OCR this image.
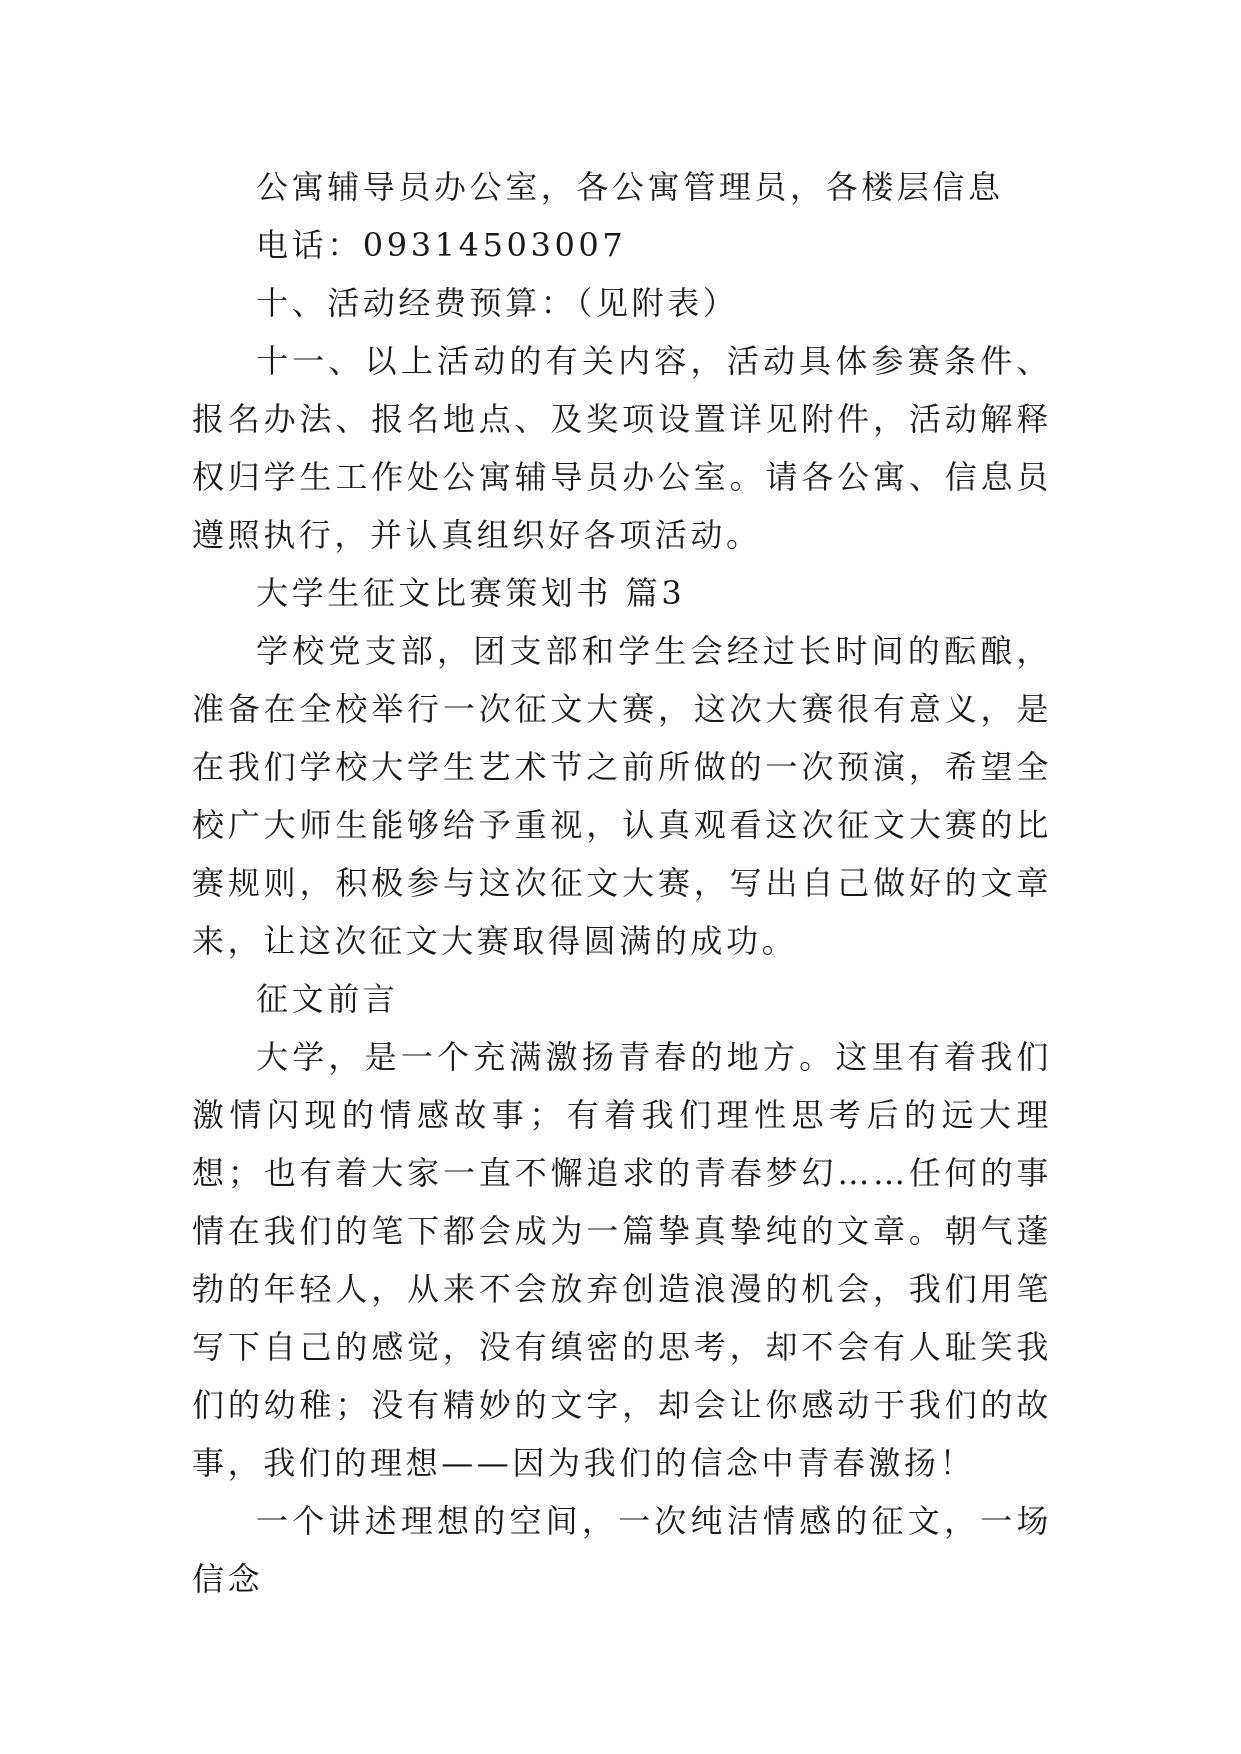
公寓辅导员办公室，各公寓管理员，各楼层信息

电话：09314503007

十、活动经费预算：（见附表）

十一、以上活动的有关内容，活动具体参赛条件、报名办法、报名地点、及奖项设置详见附件，活动解释权归学生工作处公寓辅导员办公室。请各公寓、信息员遵照执行，并认真组织好各项活动。

大学生征文比赛策划书 篇3

学校党支部，团支部和学生会经过长时间的酝酿，准备在全校举行一次征文大赛，这次大赛很有意义，是在我们学校大学生艺术节之前所做的一次预演，希望全校广大师生能够给予重视，认真观看这次征文大赛的比赛规则，积极参与这次征文大赛，写出自己做好的文章来，让这次征文大赛取得圆满的成功。

征文前言

大学，是一个充满激扬青春的地方。这里有着我们激情闪现的情感故事；有着我们理性思考后的远大理想；也有着大家一直不懈追求的青春梦幻……任何的事情在我们的笔下都会成为一篇挚真挚纯的文章。朝气蓬勃的年轻人，从来不会放弃创造浪漫的机会，我们用笔写下自己的感觉，没有缜密的思考，却不会有人耻笑我们的幼稚；没有精妙的文字，却会让你感动于我们的故事，我们的理想——因为我们的信念中青春激扬！

一个讲述理想的空间，一次纯洁情感的征文，一场信念
